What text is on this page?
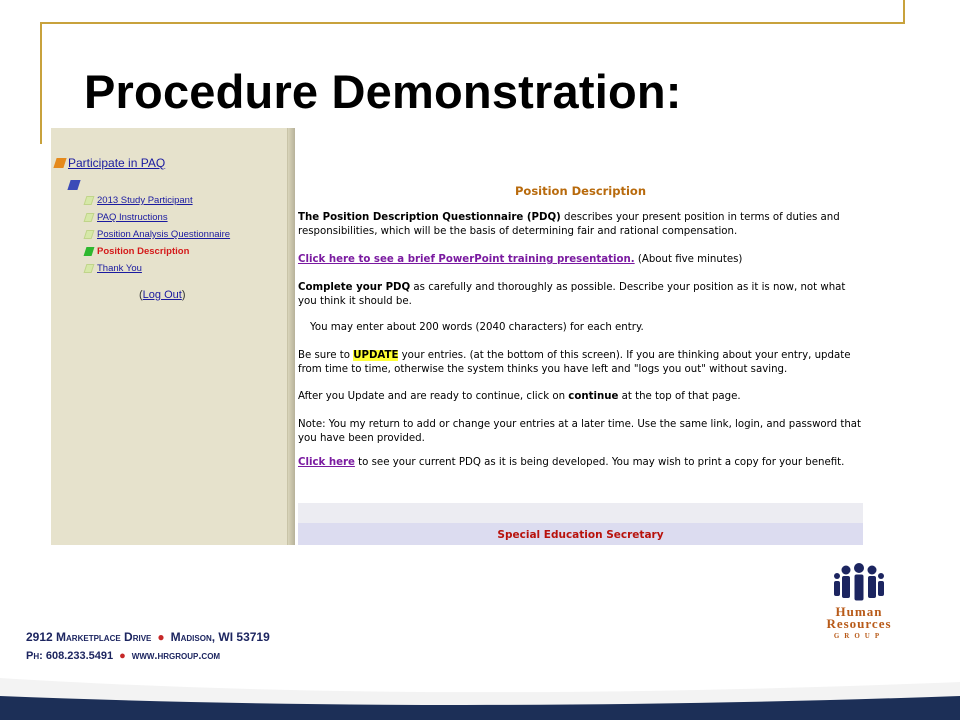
Procedure Demonstration:
Participate in PAQ
2013 Study Participant
PAQ Instructions
Position Analysis Questionnaire
Position Description
Thank You
(Log Out)
Position Description
The Position Description Questionnaire (PDQ) describes your present position in terms of duties and responsibilities, which will be the basis of determining fair and rational compensation.
Click here to see a brief PowerPoint training presentation. (About five minutes)
Complete your PDQ as carefully and thoroughly as possible. Describe your position as it is now, not what you think it should be.
You may enter about 200 words (2040 characters) for each entry.
Be sure to UPDATE your entries. (at the bottom of this screen). If you are thinking about your entry, update from time to time, otherwise the system thinks you have left and "logs you out" without saving.
After you Update and are ready to continue, click on continue at the top of that page.
Note: You my return to add or change your entries at a later time. Use the same link, login, and password that you have been provided.
Click here to see your current PDQ as it is being developed. You may wish to print a copy for your benefit.
Special Education Secretary
Human
Resources
GROUP
2912 Marketplace Drive ● Madison, WI 53719
Ph: 608.233.5491 ● www.hrgroup.com
